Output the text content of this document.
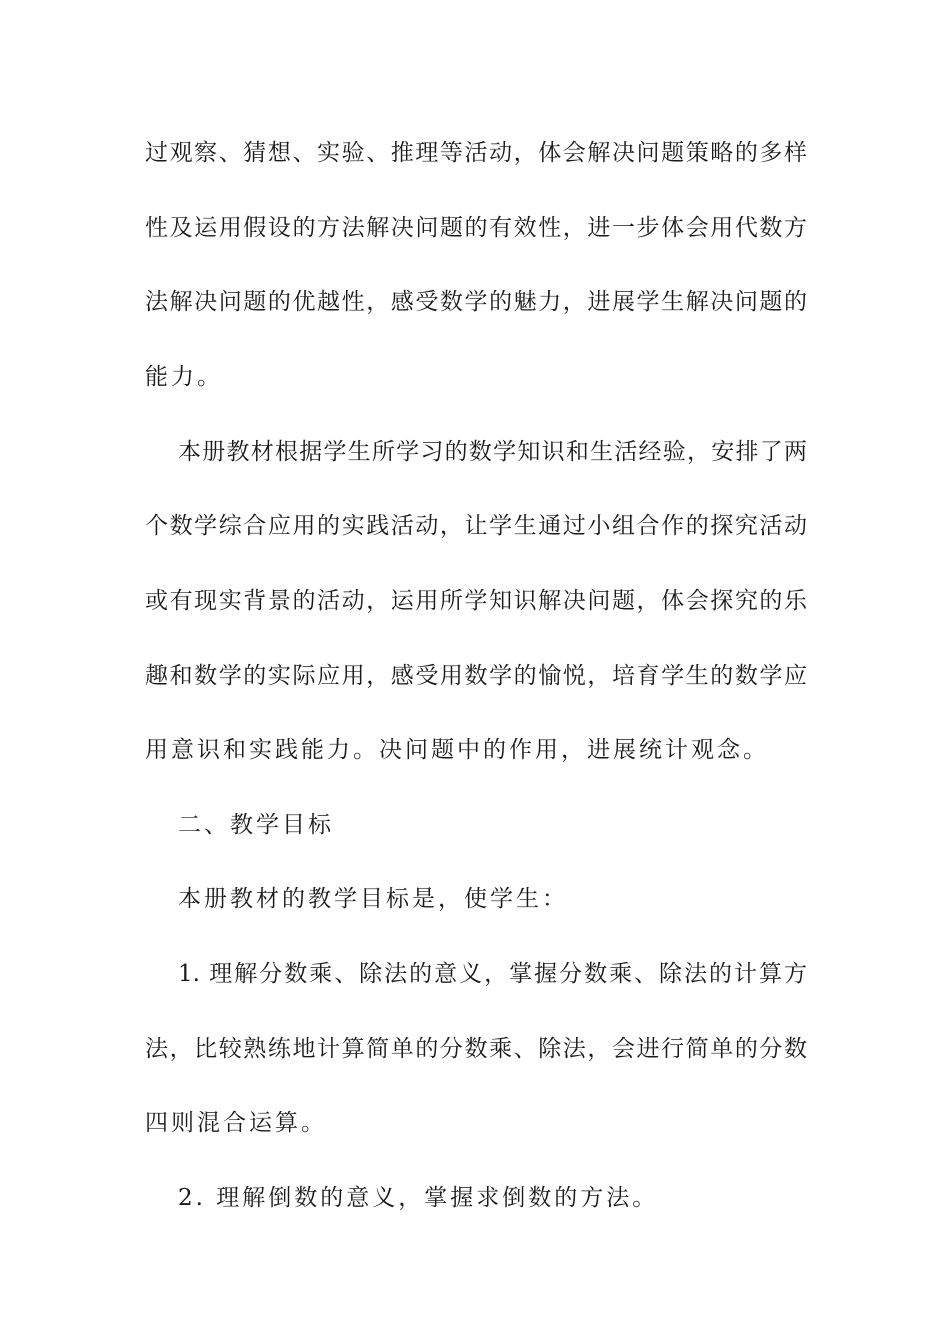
过观察、猜想、实验、推理等活动，体会解决问题策略的多样
性及运用假设的方法解决问题的有效性，进一步体会用代数方
法解决问题的优越性，感受数学的魅力，进展学生解决问题的
能力。
本册教材根据学生所学习的数学知识和生活经验，安排了两
个数学综合应用的实践活动，让学生通过小组合作的探究活动
或有现实背景的活动，运用所学知识解决问题，体会探究的乐
趣和数学的实际应用，感受用数学的愉悦，培育学生的数学应
用意识和实践能力。决问题中的作用，进展统计观念。
二、教学目标
本册教材的教学目标是，使学生：
1. 理解分数乘、除法的意义，掌握分数乘、除法的计算方
法，比较熟练地计算简单的分数乘、除法，会进行简单的分数
四则混合运算。
2. 理解倒数的意义，掌握求倒数的方法。
